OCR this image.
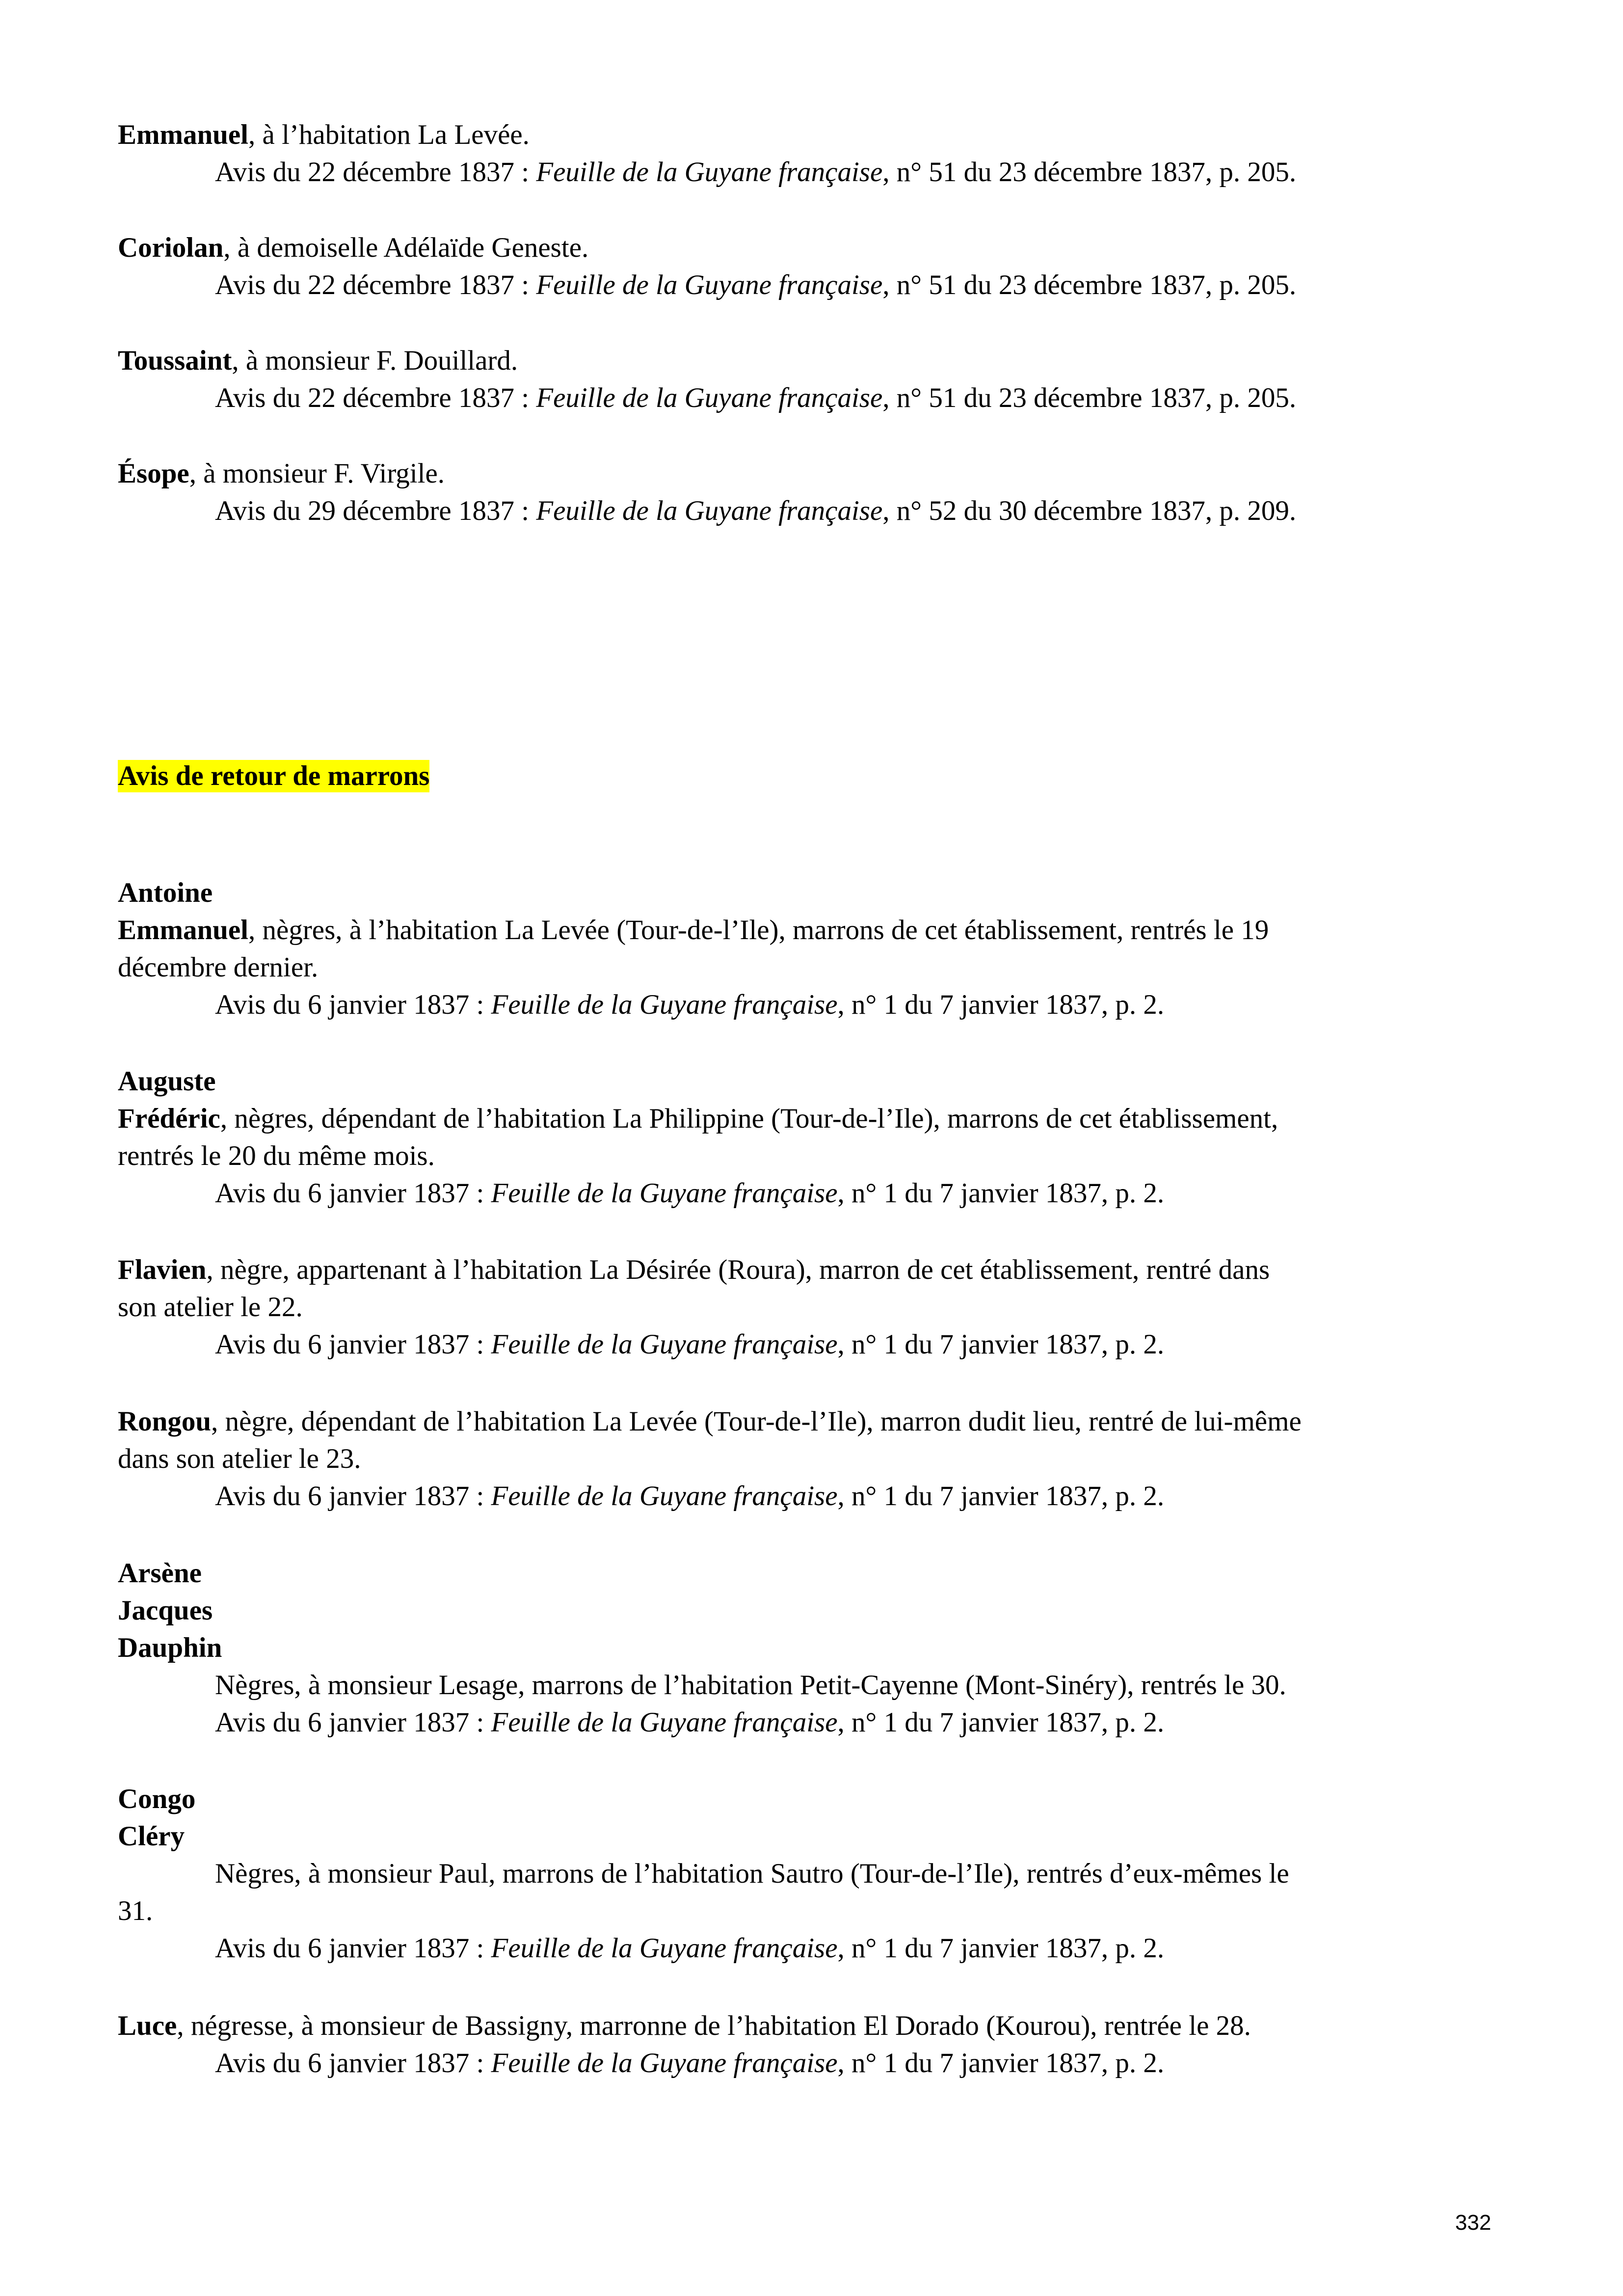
Emmanuel, à l’habitation La Levée.
Avis du 22 décembre 1837 : Feuille de la Guyane française, n° 51 du 23 décembre 1837, p. 205.
Coriolan, à demoiselle Adélaïde Geneste.
Avis du 22 décembre 1837 : Feuille de la Guyane française, n° 51 du 23 décembre 1837, p. 205.
Toussaint, à monsieur F. Douillard.
Avis du 22 décembre 1837 : Feuille de la Guyane française, n° 51 du 23 décembre 1837, p. 205.
Ésope, à monsieur F. Virgile.
Avis du 29 décembre 1837 : Feuille de la Guyane française, n° 52 du 30 décembre 1837, p. 209.
Avis de retour de marrons
Antoine
Emmanuel, nègres, à l’habitation La Levée (Tour-de-l’Ile), marrons de cet établissement, rentrés le 19
décembre dernier.
Avis du 6 janvier 1837 : Feuille de la Guyane française, n° 1 du 7 janvier 1837, p. 2.
Auguste
Frédéric, nègres, dépendant de l’habitation La Philippine (Tour-de-l’Ile), marrons de cet établissement,
rentrés le 20 du même mois.
Avis du 6 janvier 1837 : Feuille de la Guyane française, n° 1 du 7 janvier 1837, p. 2.
Flavien, nègre, appartenant à l’habitation La Désirée (Roura), marron de cet établissement, rentré dans
son atelier le 22.
Avis du 6 janvier 1837 : Feuille de la Guyane française, n° 1 du 7 janvier 1837, p. 2.
Rongou, nègre, dépendant de l’habitation La Levée (Tour-de-l’Ile), marron dudit lieu, rentré de lui-même
dans son atelier le 23.
Avis du 6 janvier 1837 : Feuille de la Guyane française, n° 1 du 7 janvier 1837, p. 2.
Arsène
Jacques
Dauphin
Nègres, à monsieur Lesage, marrons de l’habitation Petit-Cayenne (Mont-Sinéry), rentrés le 30.
Avis du 6 janvier 1837 : Feuille de la Guyane française, n° 1 du 7 janvier 1837, p. 2.
Congo
Cléry
Nègres, à monsieur Paul, marrons de l’habitation Sautro (Tour-de-l’Ile), rentrés d’eux-mêmes le
31.
Avis du 6 janvier 1837 : Feuille de la Guyane française, n° 1 du 7 janvier 1837, p. 2.
Luce, négresse, à monsieur de Bassigny, marronne de l’habitation El Dorado (Kourou), rentrée le 28.
Avis du 6 janvier 1837 : Feuille de la Guyane française, n° 1 du 7 janvier 1837, p. 2.
332
